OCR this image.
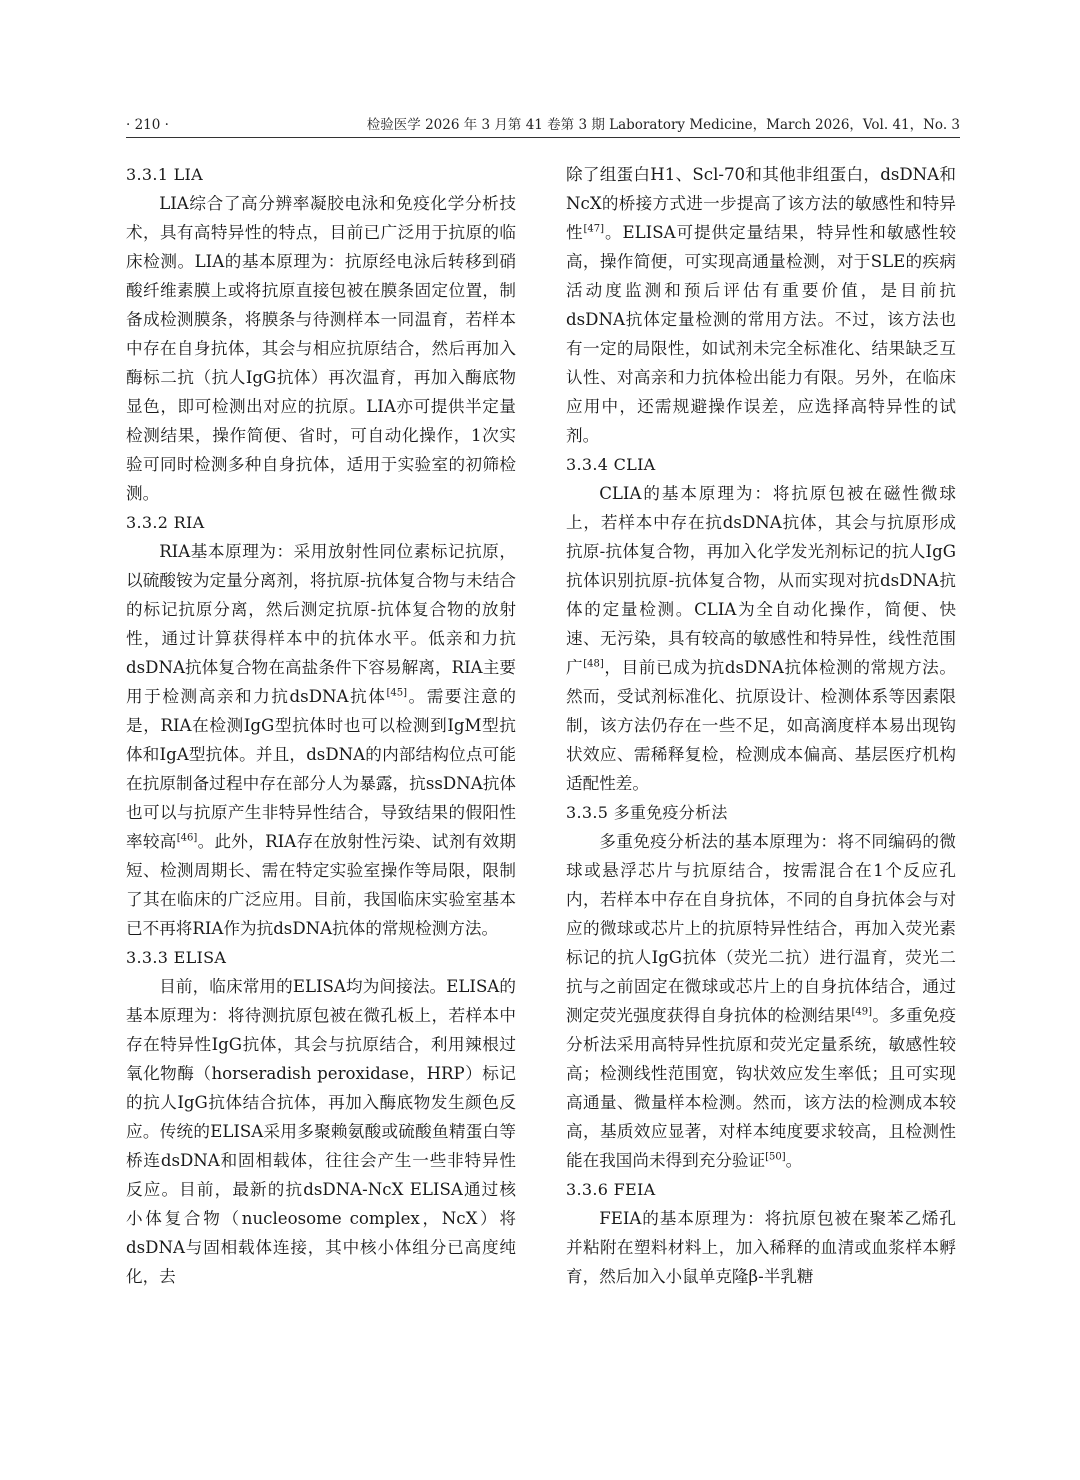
· 210 ·	检验医学 2026 年 3 月第 41 卷第 3 期 Laboratory Medicine，March 2026，Vol. 41，No. 3
3.3.1 LIA

LIA综合了高分辨率凝胶电泳和免疫化学分析技术，具有高特异性的特点，目前已广泛用于抗原的临床检测。LIA的基本原理为：抗原经电泳后转移到硝酸纤维素膜上或将抗原直接包被在膜条固定位置，制备成检测膜条，将膜条与待测样本一同温育，若样本中存在自身抗体，其会与相应抗原结合，然后再加入酶标二抗（抗人IgG抗体）再次温育，再加入酶底物显色，即可检测出对应的抗原。LIA亦可提供半定量检测结果，操作简便、省时，可自动化操作，1次实验可同时检测多种自身抗体，适用于实验室的初筛检测。

3.3.2 RIA

RIA基本原理为：采用放射性同位素标记抗原，以硫酸铵为定量分离剂，将抗原-抗体复合物与未结合的标记抗原分离，然后测定抗原-抗体复合物的放射性，通过计算获得样本中的抗体水平。低亲和力抗dsDNA抗体复合物在高盐条件下容易解离，RIA主要用于检测高亲和力抗dsDNA抗体[45]。需要注意的是，RIA在检测IgG型抗体时也可以检测到IgM型抗体和IgA型抗体。并且，dsDNA的内部结构位点可能在抗原制备过程中存在部分人为暴露，抗ssDNA抗体也可以与抗原产生非特异性结合，导致结果的假阳性率较高[46]。此外，RIA存在放射性污染、试剂有效期短、检测周期长、需在特定实验室操作等局限，限制了其在临床的广泛应用。目前，我国临床实验室基本已不再将RIA作为抗dsDNA抗体的常规检测方法。

3.3.3 ELISA

目前，临床常用的ELISA均为间接法。ELISA的基本原理为：将待测抗原包被在微孔板上，若样本中存在特异性IgG抗体，其会与抗原结合，利用辣根过氧化物酶（horseradish peroxidase，HRP）标记的抗人IgG抗体结合抗体，再加入酶底物发生颜色反应。传统的ELISA采用多聚赖氨酸或硫酸鱼精蛋白等桥连dsDNA和固相载体，往往会产生一些非特异性反应。目前，最新的抗dsDNA-NcX ELISA通过核小体复合物（nucleosome complex，NcX）将dsDNA与固相载体连接，其中核小体组分已高度纯化，去

除了组蛋白H1、Scl-70和其他非组蛋白，dsDNA和NcX的桥接方式进一步提高了该方法的敏感性和特异性[47]。ELISA可提供定量结果，特异性和敏感性较高，操作简便，可实现高通量检测，对于SLE的疾病活动度监测和预后评估有重要价值，是目前抗dsDNA抗体定量检测的常用方法。不过，该方法也有一定的局限性，如试剂未完全标准化、结果缺乏互认性、对高亲和力抗体检出能力有限。另外，在临床应用中，还需规避操作误差，应选择高特异性的试剂。

3.3.4 CLIA

CLIA的基本原理为：将抗原包被在磁性微球上，若样本中存在抗dsDNA抗体，其会与抗原形成抗原-抗体复合物，再加入化学发光剂标记的抗人IgG抗体识别抗原-抗体复合物，从而实现对抗dsDNA抗体的定量检测。CLIA为全自动化操作，简便、快速、无污染，具有较高的敏感性和特异性，线性范围广[48]，目前已成为抗dsDNA抗体检测的常规方法。然而，受试剂标准化、抗原设计、检测体系等因素限制，该方法仍存在一些不足，如高滴度样本易出现钩状效应、需稀释复检，检测成本偏高、基层医疗机构适配性差。

3.3.5 多重免疫分析法

多重免疫分析法的基本原理为：将不同编码的微球或悬浮芯片与抗原结合，按需混合在1个反应孔内，若样本中存在自身抗体，不同的自身抗体会与对应的微球或芯片上的抗原特异性结合，再加入荧光素标记的抗人IgG抗体（荧光二抗）进行温育，荧光二抗与之前固定在微球或芯片上的自身抗体结合，通过测定荧光强度获得自身抗体的检测结果[49]。多重免疫分析法采用高特异性抗原和荧光定量系统，敏感性较高；检测线性范围宽，钩状效应发生率低；且可实现高通量、微量样本检测。然而，该方法的检测成本较高，基质效应显著，对样本纯度要求较高，且检测性能在我国尚未得到充分验证[50]。

3.3.6 FEIA

FEIA的基本原理为：将抗原包被在聚苯乙烯孔并粘附在塑料材料上，加入稀释的血清或血浆样本孵育，然后加入小鼠单克隆β-半乳糖
